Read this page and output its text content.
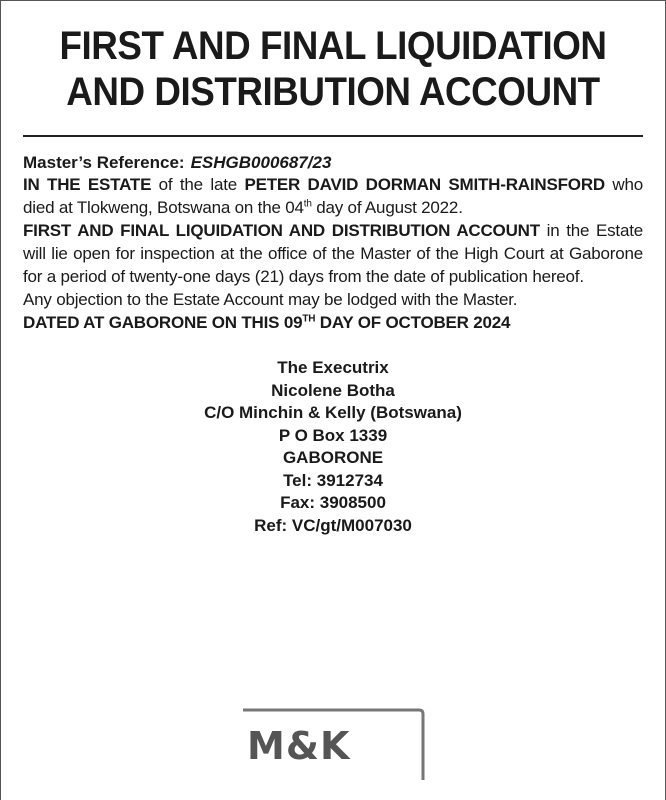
FIRST AND FINAL LIQUIDATION
AND DISTRIBUTION ACCOUNT
Master’s Reference: ESHGB000687/23

IN THE ESTATE of the late PETER DAVID DORMAN SMITH-RAINSFORD who died at Tlokweng, Botswana on the 04th day of August 2022.

FIRST AND FINAL LIQUIDATION AND DISTRIBUTION ACCOUNT in the Estate will lie open for inspection at the office of the Master of the High Court at Gaborone for a period of twenty-one days (21) days from the date of publication hereof.

Any objection to the Estate Account may be lodged with the Master.

DATED AT GABORONE ON THIS 09TH DAY OF OCTOBER 2024

The Executrix
Nicolene Botha
C/O Minchin & Kelly (Botswana)
P O Box 1339
GABORONE
Tel: 3912734
Fax: 3908500
Ref: VC/gt/M007030
M&K
